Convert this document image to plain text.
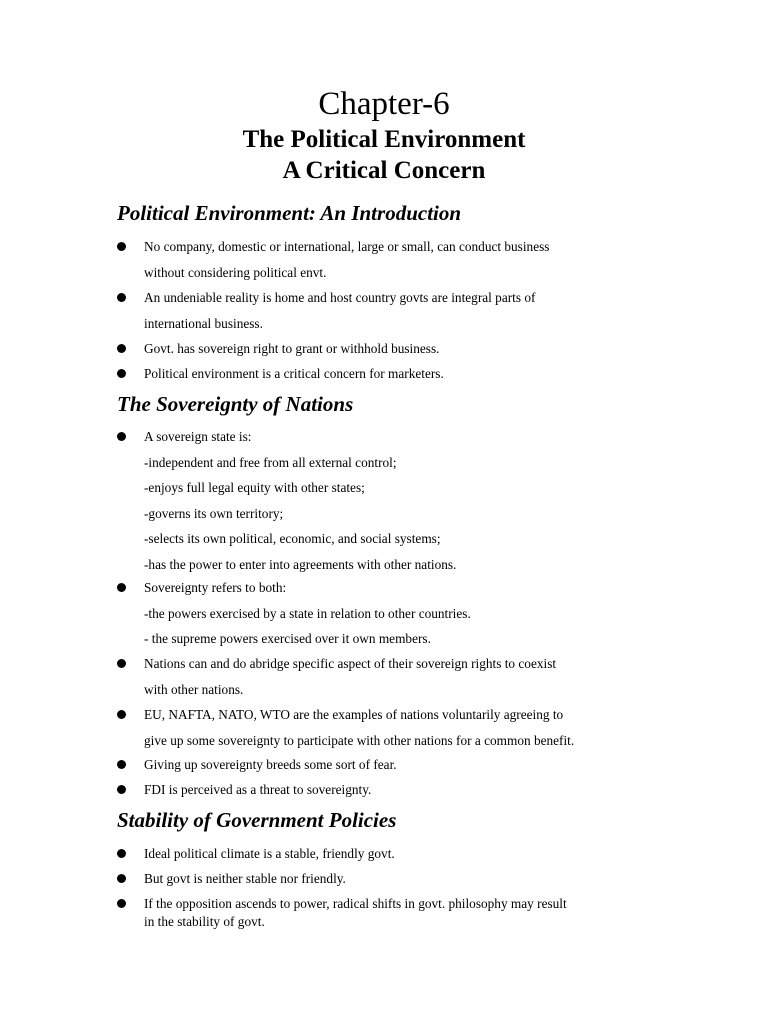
Chapter-6
The Political Environment
A Critical Concern
Political Environment: An Introduction
No company, domestic or international, large or small, can conduct business
without considering political envt.
An undeniable reality is home and host country govts are integral parts of
international business.
Govt. has sovereign right to grant or withhold business.
Political environment is a critical concern for marketers.
The Sovereignty of Nations
A sovereign state is:
-independent and free from all external control;
-enjoys full legal equity with other states;
-governs its own territory;
-selects its own political, economic, and social systems;
-has the power to enter into agreements with other nations.
Sovereignty refers to both:
-the powers exercised by a state in relation to other countries.
- the supreme powers exercised over it own members.
Nations can and do abridge specific aspect of their sovereign rights to coexist
with other nations.
EU, NAFTA, NATO, WTO are the examples of nations voluntarily agreeing to
give up some sovereignty to participate with other nations for a common benefit.
Giving up sovereignty breeds some sort of fear.
FDI is perceived as a threat to sovereignty.
Stability of Government Policies
Ideal political climate is a stable, friendly govt.
But govt is neither stable nor friendly.
If the opposition ascends to power, radical shifts in govt. philosophy may result
in the stability of govt.
